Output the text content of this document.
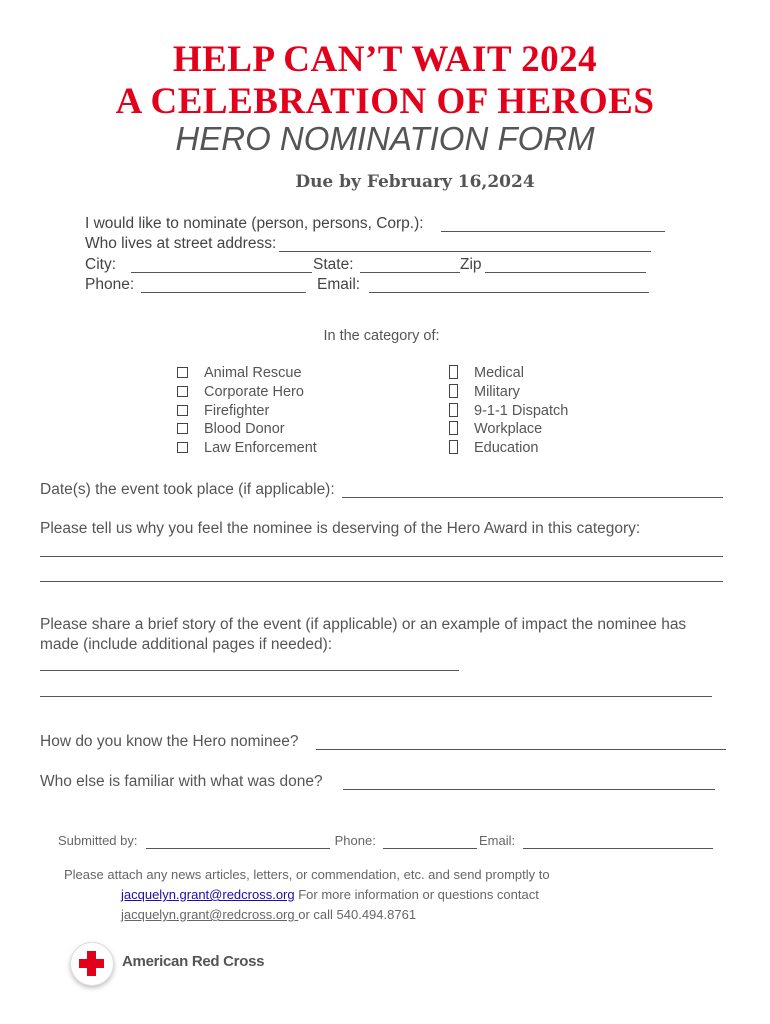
HELP CAN’T WAIT 2024
A CELEBRATION OF HEROES
HERO NOMINATION FORM
Due by February 16,2024
I would like to nominate (person, persons, Corp.):
Who lives at street address:
City:	State:	Zip
Phone:	Email:
In the category of:
Animal Rescue
Corporate Hero
Firefighter
Blood Donor
Law Enforcement
Medical
Military
9-1-1 Dispatch
Workplace
Education
Date(s) the event took place (if applicable):
Please tell us why you feel the nominee is deserving of the Hero Award in this category:
Please share a brief story of the event (if applicable) or an example of impact the nominee has
made (include additional pages if needed):
How do you know the Hero nominee?
Who else is familiar with what was done?
Submitted by:	Phone:	Email:
Please attach any news articles, letters, or commendation, etc. and send promptly to
jacquelyn.grant@redcross.org For more information or questions contact
jacquelyn.grant@redcross.org or call 540.494.8761
American Red Cross
